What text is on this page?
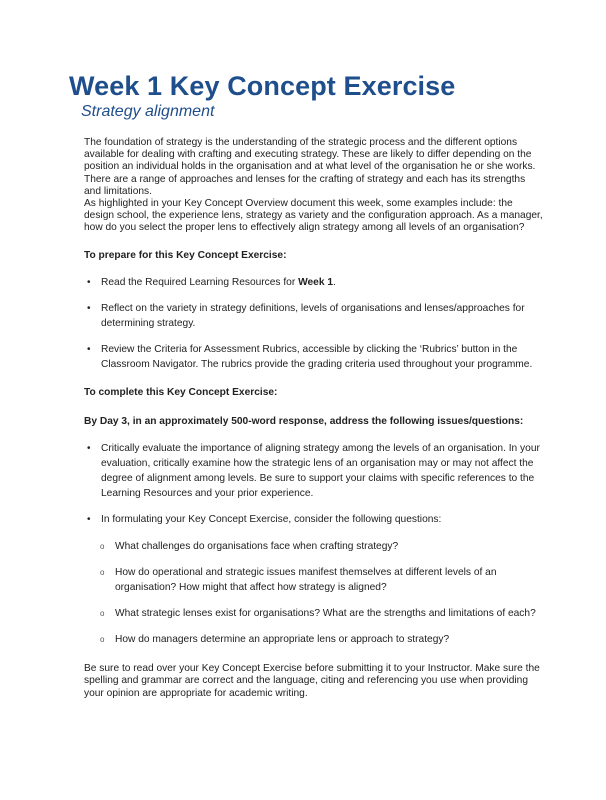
Week 1 Key Concept Exercise
Strategy alignment

The foundation of strategy is the understanding of the strategic process and the different options available for dealing with crafting and executing strategy. These are likely to differ depending on the position an individual holds in the organisation and at what level of the organisation he or she works. There are a range of approaches and lenses for the crafting of strategy and each has its strengths and limitations.

As highlighted in your Key Concept Overview document this week, some examples include: the design school, the experience lens, strategy as variety and the configuration approach. As a manager, how do you select the proper lens to effectively align strategy among all levels of an organisation?

To prepare for this Key Concept Exercise:

• Read the Required Learning Resources for Week 1.
• Reflect on the variety in strategy definitions, levels of organisations and lenses/approaches for determining strategy.
• Review the Criteria for Assessment Rubrics, accessible by clicking the ‘Rubrics’ button in the Classroom Navigator. The rubrics provide the grading criteria used throughout your programme.

To complete this Key Concept Exercise:

By Day 3, in an approximately 500-word response, address the following issues/questions:

• Critically evaluate the importance of aligning strategy among the levels of an organisation. In your evaluation, critically examine how the strategic lens of an organisation may or may not affect the degree of alignment among levels. Be sure to support your claims with specific references to the Learning Resources and your prior experience.
• In formulating your Key Concept Exercise, consider the following questions:
o What challenges do organisations face when crafting strategy?
o How do operational and strategic issues manifest themselves at different levels of an organisation? How might that affect how strategy is aligned?
o What strategic lenses exist for organisations? What are the strengths and limitations of each?
o How do managers determine an appropriate lens or approach to strategy?

Be sure to read over your Key Concept Exercise before submitting it to your Instructor. Make sure the spelling and grammar are correct and the language, citing and referencing you use when providing your opinion are appropriate for academic writing.
